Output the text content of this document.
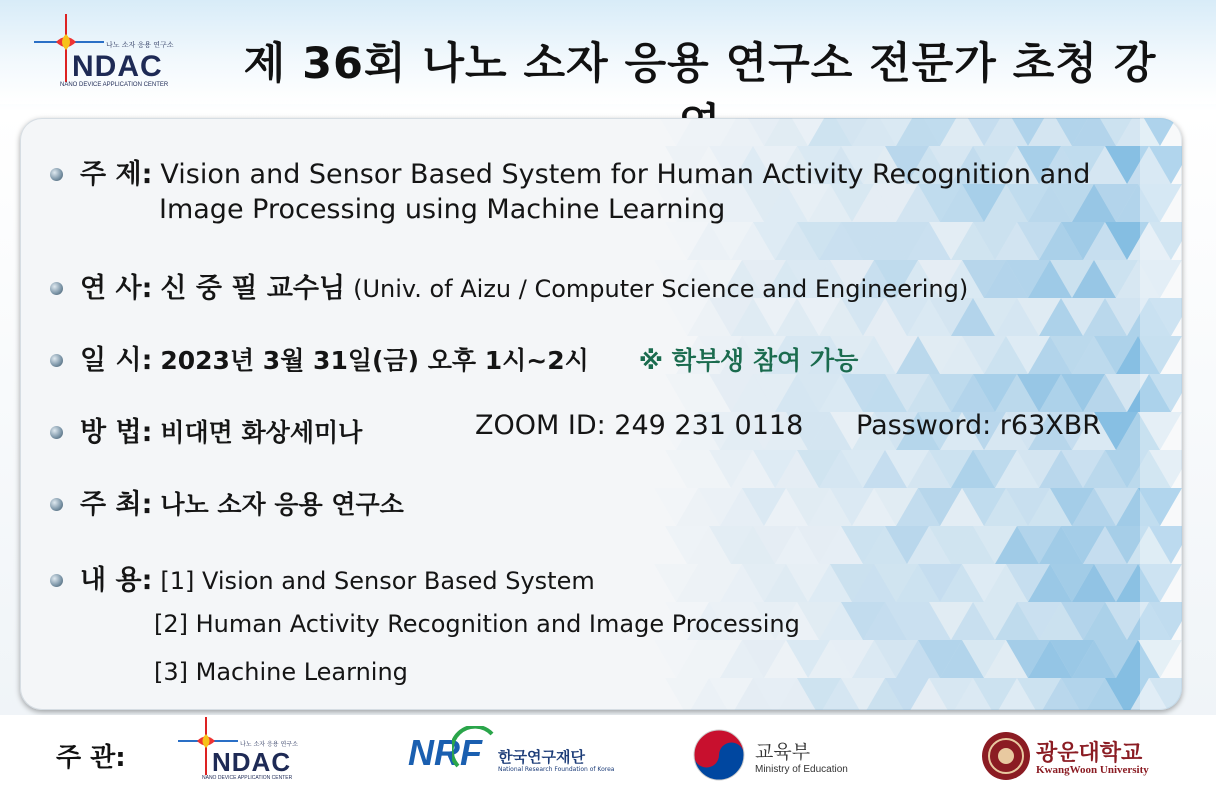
나노 소자 응용 연구소
NDAC
NANO DEVICE APPLICATION CENTER	제 36회 나노 소자 응용 연구소 전문가 초청 강
주 제: Vision and Sensor Based System for Human Activity Recognition and
Image Processing using Machine Learning
연 사: 신 중 필 교수님 (Univ. of Aizu / Computer Science and Engineering)
일 시: 2023년 3월 31일(금) 오후 1시~2시 ※ 학부생 참여 가능
방 법: 비대면 화상세미나	ZOOM ID: 249 231 0118 Password: r63XBR
주 최: 나노 소자 응용 연구소
내 용: [1] Vision and Sensor Based System
[2] Human Activity Recognition and Image Processing
[3] Machine Learning
주 관:	나노 소자 응용 연구소
NDAC
NANO DEVICE APPLICATION CENTER
NRF 한국연구재단
National Research Foundation of Korea
교육부
Ministry of Education
광운대학교
KwangWoon University
